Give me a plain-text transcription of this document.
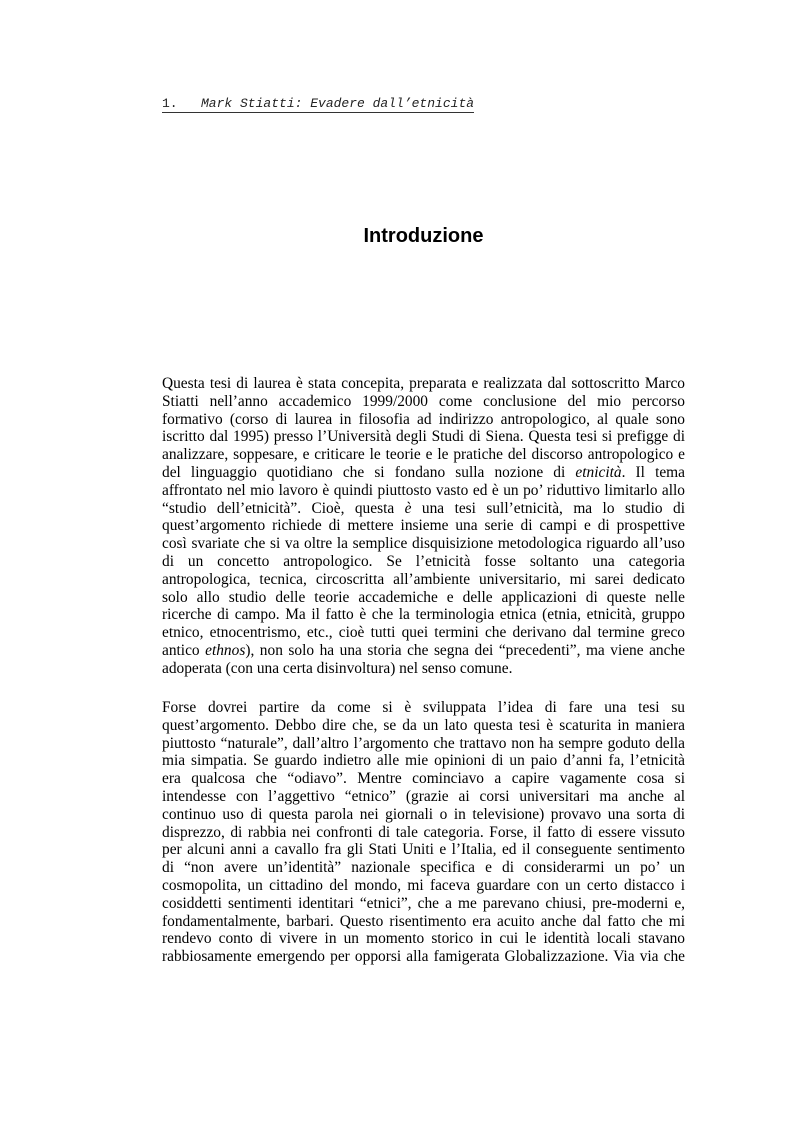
1. Mark Stiatti: Evadere dall’etnicità
Introduzione
Questa tesi di laurea è stata concepita, preparata e realizzata dal sottoscritto Marco
Stiatti nell’anno accademico 1999/2000 come conclusione del mio percorso
formativo (corso di laurea in filosofia ad indirizzo antropologico, al quale sono
iscritto dal 1995) presso l’Università degli Studi di Siena. Questa tesi si prefigge di
analizzare, soppesare, e criticare le teorie e le pratiche del discorso antropologico e
del linguaggio quotidiano che si fondano sulla nozione di etnicità. Il tema
affrontato nel mio lavoro è quindi piuttosto vasto ed è un po’ riduttivo limitarlo allo
“studio dell’etnicità”. Cioè, questa è una tesi sull’etnicità, ma lo studio di
quest’argomento richiede di mettere insieme una serie di campi e di prospettive
così svariate che si va oltre la semplice disquisizione metodologica riguardo all’uso
di un concetto antropologico. Se l’etnicità fosse soltanto una categoria
antropologica, tecnica, circoscritta all’ambiente universitario, mi sarei dedicato
solo allo studio delle teorie accademiche e delle applicazioni di queste nelle
ricerche di campo. Ma il fatto è che la terminologia etnica (etnia, etnicità, gruppo
etnico, etnocentrismo, etc., cioè tutti quei termini che derivano dal termine greco
antico ethnos), non solo ha una storia che segna dei “precedenti”, ma viene anche
adoperata (con una certa disinvoltura) nel senso comune.
Forse dovrei partire da come si è sviluppata l’idea di fare una tesi su
quest’argomento. Debbo dire che, se da un lato questa tesi è scaturita in maniera
piuttosto “naturale”, dall’altro l’argomento che trattavo non ha sempre goduto della
mia simpatia. Se guardo indietro alle mie opinioni di un paio d’anni fa, l’etnicità
era qualcosa che “odiavo”. Mentre cominciavo a capire vagamente cosa si
intendesse con l’aggettivo “etnico” (grazie ai corsi universitari ma anche al
continuo uso di questa parola nei giornali o in televisione) provavo una sorta di
disprezzo, di rabbia nei confronti di tale categoria. Forse, il fatto di essere vissuto
per alcuni anni a cavallo fra gli Stati Uniti e l’Italia, ed il conseguente sentimento
di “non avere un’identità” nazionale specifica e di considerarmi un po’ un
cosmopolita, un cittadino del mondo, mi faceva guardare con un certo distacco i
cosiddetti sentimenti identitari “etnici”, che a me parevano chiusi, pre-moderni e,
fondamentalmente, barbari. Questo risentimento era acuito anche dal fatto che mi
rendevo conto di vivere in un momento storico in cui le identità locali stavano
rabbiosamente emergendo per opporsi alla famigerata Globalizzazione. Via via che
